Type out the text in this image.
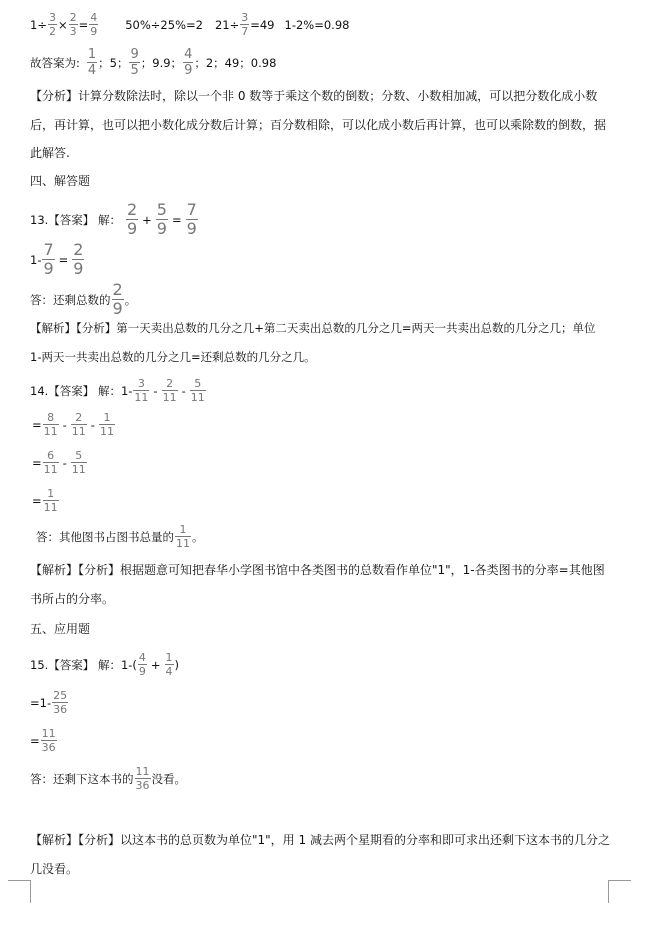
$1\div \frac{3}{2} \times \frac{2}{3} = \frac{4}{9} 50\%\div 25\%=2$ $21\div \frac{3}{7} =49$ 1-2%=0.98
故答案为: $\frac{1}{4}$ ；5； $\frac{9}{5}$ ；9.9； $\frac{4}{9}$ ；2；49；0.98
【分析】计算分数除法时，除以一个非 0 数等于乘这个数的倒数；分数、小数相加减，可以把分数化成小数后，再计算，也可以把小数化成分数后计算；百分数相除，可以化成小数后再计算，也可以乘除数的倒数，据此解答.
四、解答题
13.【答案】 解： $\frac{2}{9} + \frac{5}{9} = \frac{7}{9}$
$1- \frac{7}{9} = \frac{2}{9}$
答：还剩总数的 $\frac{2}{9}$ 。
【解析】【分析】第一天卖出总数的几分之几+第二天卖出总数的几分之几=两天一共卖出总数的几分之几；单位 1-两天一共卖出总数的几分之几=还剩总数的几分之几。
14.【答案】 解：$1- \frac{3}{11} - \frac{2}{11} - \frac{5}{11}$
= $\frac{8}{11} - \frac{2}{11} - \frac{1}{11}$
= $\frac{6}{11} - \frac{5}{11}$
= $\frac{1}{11}$
答：其他图书占图书总量的 $\frac{1}{11}$ 。
【解析】【分析】根据题意可知把春华小学图书馆中各类图书的总数看作单位"1"，1-各类图书的分率=其他图书所占的分率。
五、应用题
15.【答案】 解：$1-( \frac{4}{9} + \frac{1}{4}$ )
$=1- \frac{25}{36}$
= $\frac{11}{36}$
答：还剩下这本书的 $\frac{11}{36}$ 没看。
【解析】【分析】以这本书的总页数为单位"1"，用 1 减去两个星期看的分率和即可求出还剩下这本书的几分之几没看。
